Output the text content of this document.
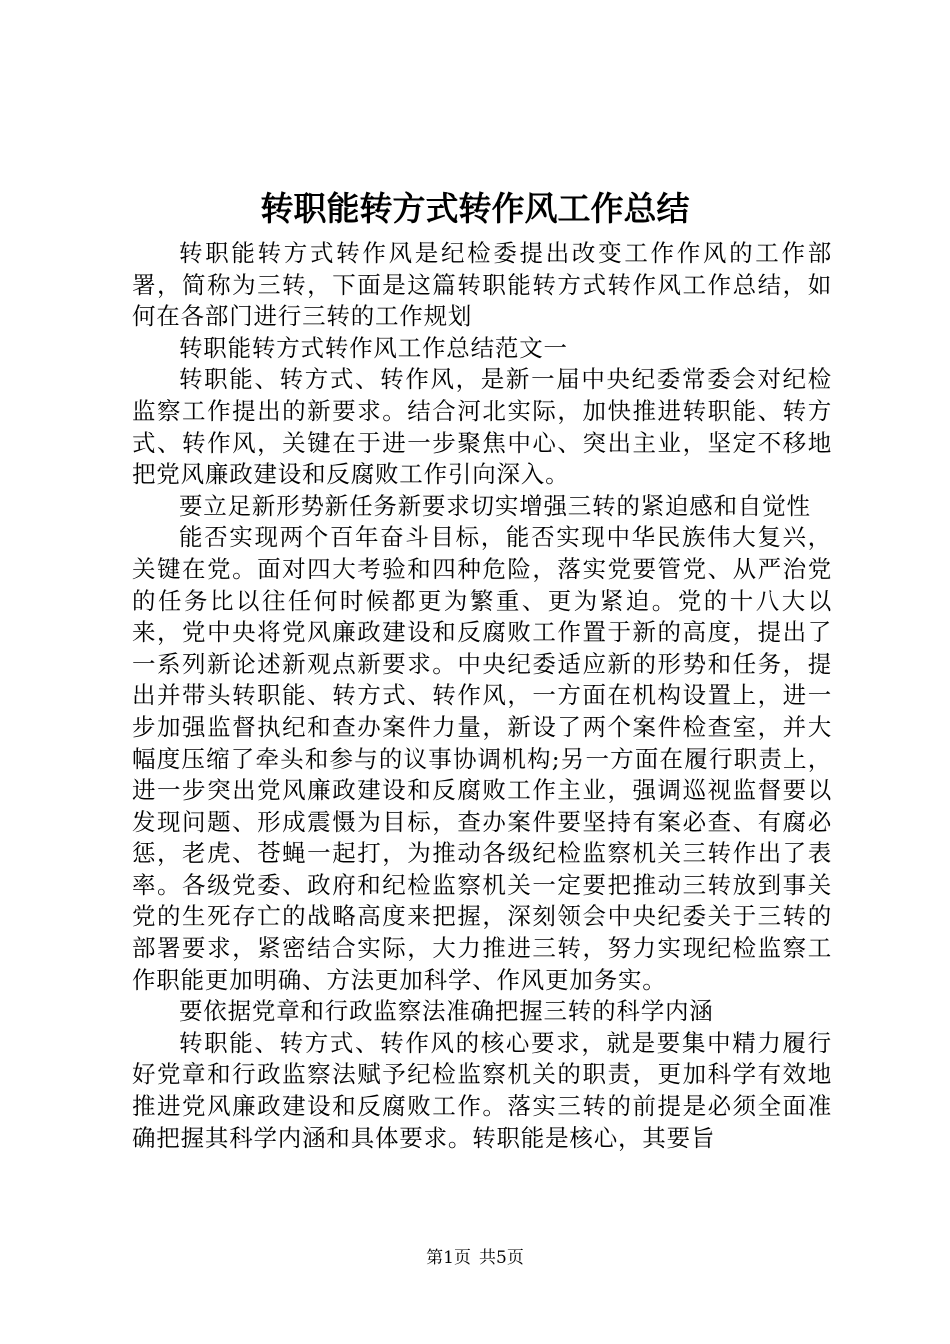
转职能转方式转作风工作总结

转职能转方式转作风是纪检委提出改变工作作风的工作部署，简称为三转，下面是这篇转职能转方式转作风工作总结，如何在各部门进行三转的工作规划

转职能转方式转作风工作总结范文一

转职能、转方式、转作风，是新一届中央纪委常委会对纪检监察工作提出的新要求。结合河北实际，加快推进转职能、转方式、转作风，关键在于进一步聚焦中心、突出主业，坚定不移地把党风廉政建设和反腐败工作引向深入。

要立足新形势新任务新要求切实增强三转的紧迫感和自觉性

能否实现两个百年奋斗目标，能否实现中华民族伟大复兴，关键在党。面对四大考验和四种危险，落实党要管党、从严治党的任务比以往任何时候都更为繁重、更为紧迫。党的十八大以来，党中央将党风廉政建设和反腐败工作置于新的高度，提出了一系列新论述新观点新要求。中央纪委适应新的形势和任务，提出并带头转职能、转方式、转作风，一方面在机构设置上，进一步加强监督执纪和查办案件力量，新设了两个案件检查室，并大幅度压缩了牵头和参与的议事协调机构;另一方面在履行职责上，进一步突出党风廉政建设和反腐败工作主业，强调巡视监督要以发现问题、形成震慑为目标，查办案件要坚持有案必查、有腐必惩，老虎、苍蝇一起打，为推动各级纪检监察机关三转作出了表率。各级党委、政府和纪检监察机关一定要把推动三转放到事关党的生死存亡的战略高度来把握，深刻领会中央纪委关于三转的部署要求，紧密结合实际，大力推进三转，努力实现纪检监察工作职能更加明确、方法更加科学、作风更加务实。

要依据党章和行政监察法准确把握三转的科学内涵

转职能、转方式、转作风的核心要求，就是要集中精力履行好党章和行政监察法赋予纪检监察机关的职责，更加科学有效地推进党风廉政建设和反腐败工作。落实三转的前提是必须全面准确把握其科学内涵和具体要求。转职能是核心，其要旨

第1页 共5页
